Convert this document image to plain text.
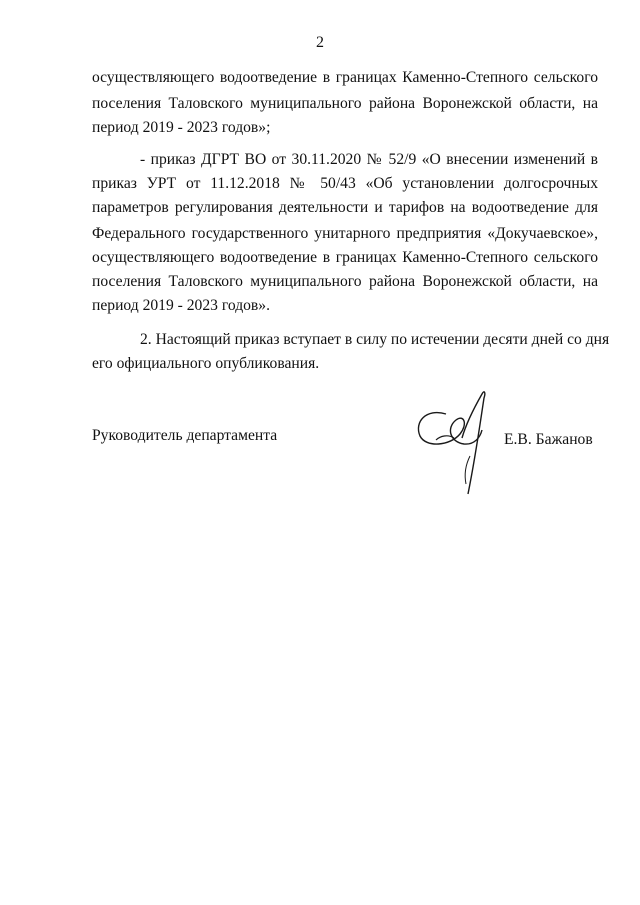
2
осуществляющего водоотведение в границах Каменно-Степного сельского
поселения Таловского муниципального района Воронежской области, на
период 2019 - 2023 годов»;
- приказ ДГРТ ВО от 30.11.2020 № 52/9 «О внесении изменений в
приказ УРТ от 11.12.2018 № 50/43 «Об установлении долгосрочных
параметров регулирования деятельности и тарифов на водоотведение для
Федерального государственного унитарного предприятия «Докучаевское»,
осуществляющего водоотведение в границах Каменно-Степного сельского
поселения Таловского муниципального района Воронежской области, на
период 2019 - 2023 годов».
2. Настоящий приказ вступает в силу по истечении десяти дней со дня
его официального опубликования.
Руководитель департамента	Е.В. Бажанов
